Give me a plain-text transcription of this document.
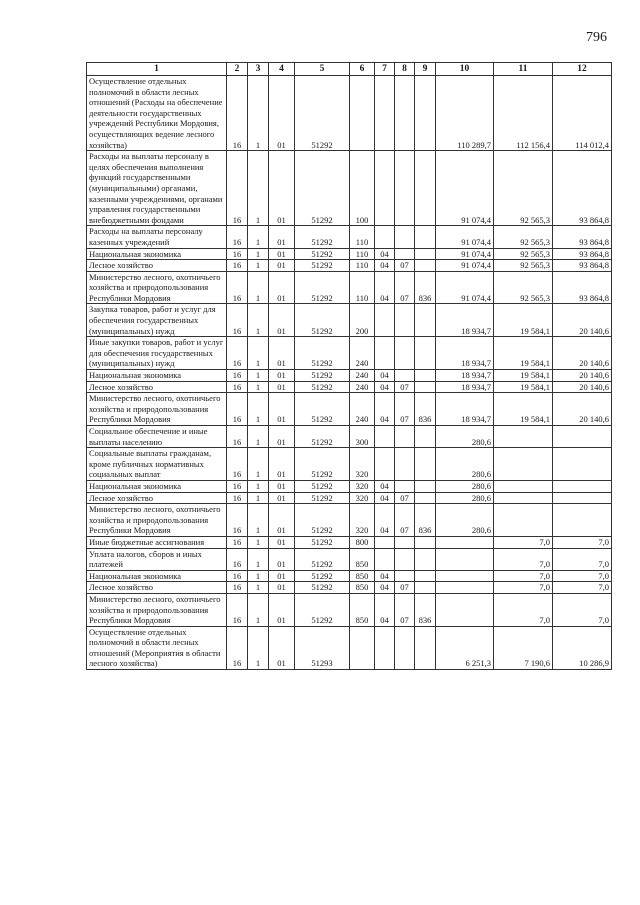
796
1	2	3	4	5	6	7	8	9	10	11	12
Осуществление отдельных полномочий в области лесных отношений (Расходы на обеспечение деятельности государственных учреждений Республики Мордовия, осуществляющих ведение лесного хозяйства)	16	1	01	51292					110 289,7	112 156,4	114 012,4
Расходы на выплаты персоналу в целях обеспечения выполнения функций государственными (муниципальными) органами, казенными учреждениями, органами управления государственными внебюджетными фондами	16	1	01	51292	100				91 074,4	92 565,3	93 864,8
Расходы на выплаты персоналу казенных учреждений	16	1	01	51292	110				91 074,4	92 565,3	93 864,8
Национальная экономика	16	1	01	51292	110	04			91 074,4	92 565,3	93 864,8
Лесное хозяйство	16	1	01	51292	110	04	07		91 074,4	92 565,3	93 864,8
Министерство лесного, охотничьего хозяйства и природопользования Республики Мордовия	16	1	01	51292	110	04	07	836	91 074,4	92 565,3	93 864,8
Закупка товаров, работ и услуг для обеспечения государственных (муниципальных) нужд	16	1	01	51292	200				18 934,7	19 584,1	20 140,6
Иные закупки товаров, работ и услуг для обеспечения государственных (муниципальных) нужд	16	1	01	51292	240				18 934,7	19 584,1	20 140,6
Национальная экономика	16	1	01	51292	240	04			18 934,7	19 584,1	20 140,6
Лесное хозяйство	16	1	01	51292	240	04	07		18 934,7	19 584,1	20 140,6
Министерство лесного, охотничьего хозяйства и природопользования Республики Мордовия	16	1	01	51292	240	04	07	836	18 934,7	19 584,1	20 140,6
Социальное обеспечение и иные выплаты населению	16	1	01	51292	300				280,6		
Социальные выплаты гражданам, кроме публичных нормативных социальных выплат	16	1	01	51292	320				280,6		
Национальная экономика	16	1	01	51292	320	04			280,6		
Лесное хозяйство	16	1	01	51292	320	04	07		280,6		
Министерство лесного, охотничьего хозяйства и природопользования Республики Мордовия	16	1	01	51292	320	04	07	836	280,6		
Иные бюджетные ассигнования	16	1	01	51292	800					7,0	7,0
Уплата налогов, сборов и иных платежей	16	1	01	51292	850					7,0	7,0
Национальная экономика	16	1	01	51292	850	04				7,0	7,0
Лесное хозяйство	16	1	01	51292	850	04	07			7,0	7,0
Министерство лесного, охотничьего хозяйства и природопользования Республики Мордовия	16	1	01	51292	850	04	07	836		7,0	7,0
Осуществление отдельных полномочий в области лесных отношений (Мероприятия в области лесного хозяйства)	16	1	01	51293					6 251,3	7 190,6	10 286,9
